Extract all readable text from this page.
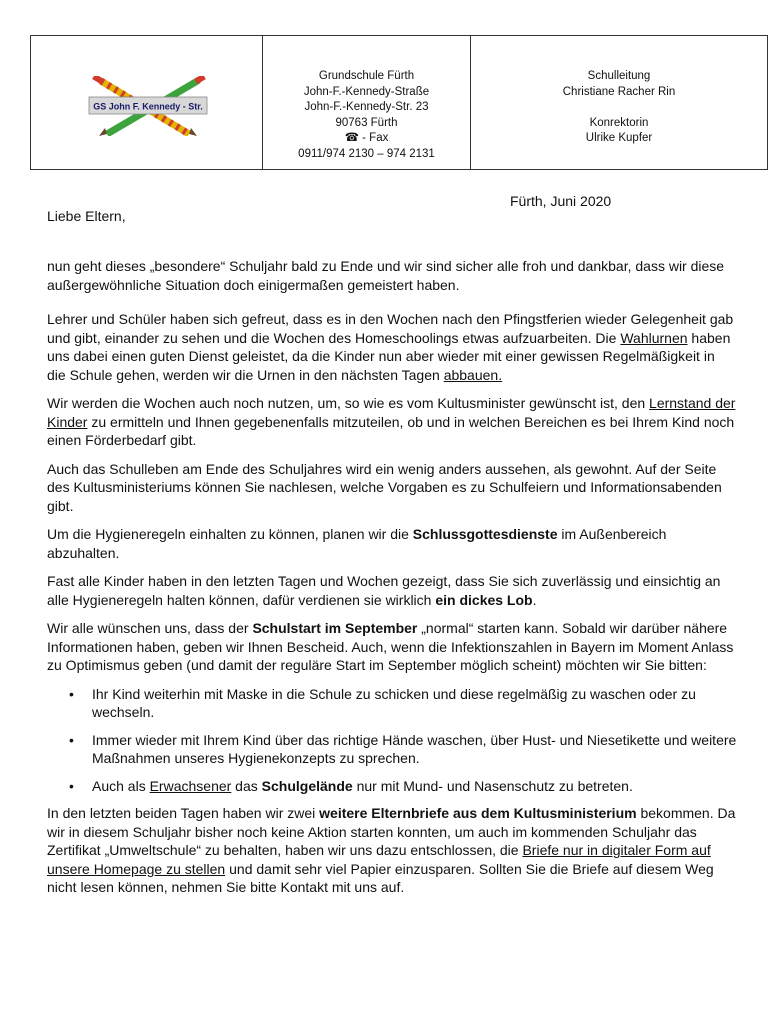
GS John F. Kennedy - Str.
Grundschule Fürth
John-F.-Kennedy-Straße
John-F.-Kennedy-Str. 23
90763 Fürth
☎ - Fax
0911/974 2130 – 974 2131
Schulleitung
Christiane Racher Rin
Konrektorin
Ulrike Kupfer
Fürth, Juni 2020
Liebe Eltern,

nun geht dieses „besondere“ Schuljahr bald zu Ende und wir sind sicher alle froh und dankbar, dass wir diese außergewöhnliche Situation doch einigermaßen gemeistert haben.

Lehrer und Schüler haben sich gefreut, dass es in den Wochen nach den Pfingstferien wieder Gelegenheit gab und gibt, einander zu sehen und die Wochen des Homeschoolings etwas aufzuarbeiten. Die Wahlurnen haben uns dabei einen guten Dienst geleistet, da die Kinder nun aber wieder mit einer gewissen Regelmäßigkeit in die Schule gehen, werden wir die Urnen in den nächsten Tagen abbauen.

Wir werden die Wochen auch noch nutzen, um, so wie es vom Kultusminister gewünscht ist, den Lernstand der Kinder zu ermitteln und Ihnen gegebenenfalls mitzuteilen, ob und in welchen Bereichen es bei Ihrem Kind noch einen Förderbedarf gibt.

Auch das Schulleben am Ende des Schuljahres wird ein wenig anders aussehen, als gewohnt. Auf der Seite des Kultusministeriums können Sie nachlesen, welche Vorgaben es zu Schulfeiern und Informationsabenden gibt.

Um die Hygieneregeln einhalten zu können, planen wir die Schlussgottesdienste im Außenbereich abzuhalten.

Fast alle Kinder haben in den letzten Tagen und Wochen gezeigt, dass Sie sich zuverlässig und einsichtig an alle Hygieneregeln halten können, dafür verdienen sie wirklich ein dickes Lob.

Wir alle wünschen uns, dass der Schulstart im September „normal“ starten kann. Sobald wir darüber nähere Informationen haben, geben wir Ihnen Bescheid. Auch, wenn die Infektionszahlen in Bayern im Moment Anlass zu Optimismus geben (und damit der reguläre Start im September möglich scheint) möchten wir Sie bitten:

• Ihr Kind weiterhin mit Maske in die Schule zu schicken und diese regelmäßig zu waschen oder zu wechseln.
• Immer wieder mit Ihrem Kind über das richtige Hände waschen, über Hust- und Niesetikette und weitere Maßnahmen unseres Hygienekonzepts zu sprechen.
• Auch als Erwachsener das Schulgelände nur mit Mund- und Nasenschutz zu betreten.

In den letzten beiden Tagen haben wir zwei weitere Elternbriefe aus dem Kultusministerium bekommen. Da wir in diesem Schuljahr bisher noch keine Aktion starten konnten, um auch im kommenden Schuljahr das Zertifikat „Umweltschule“ zu behalten, haben wir uns dazu entschlossen, die Briefe nur in digitaler Form auf unsere Homepage zu stellen und damit sehr viel Papier einzusparen. Sollten Sie die Briefe auf diesem Weg nicht lesen können, nehmen Sie bitte Kontakt mit uns auf.
